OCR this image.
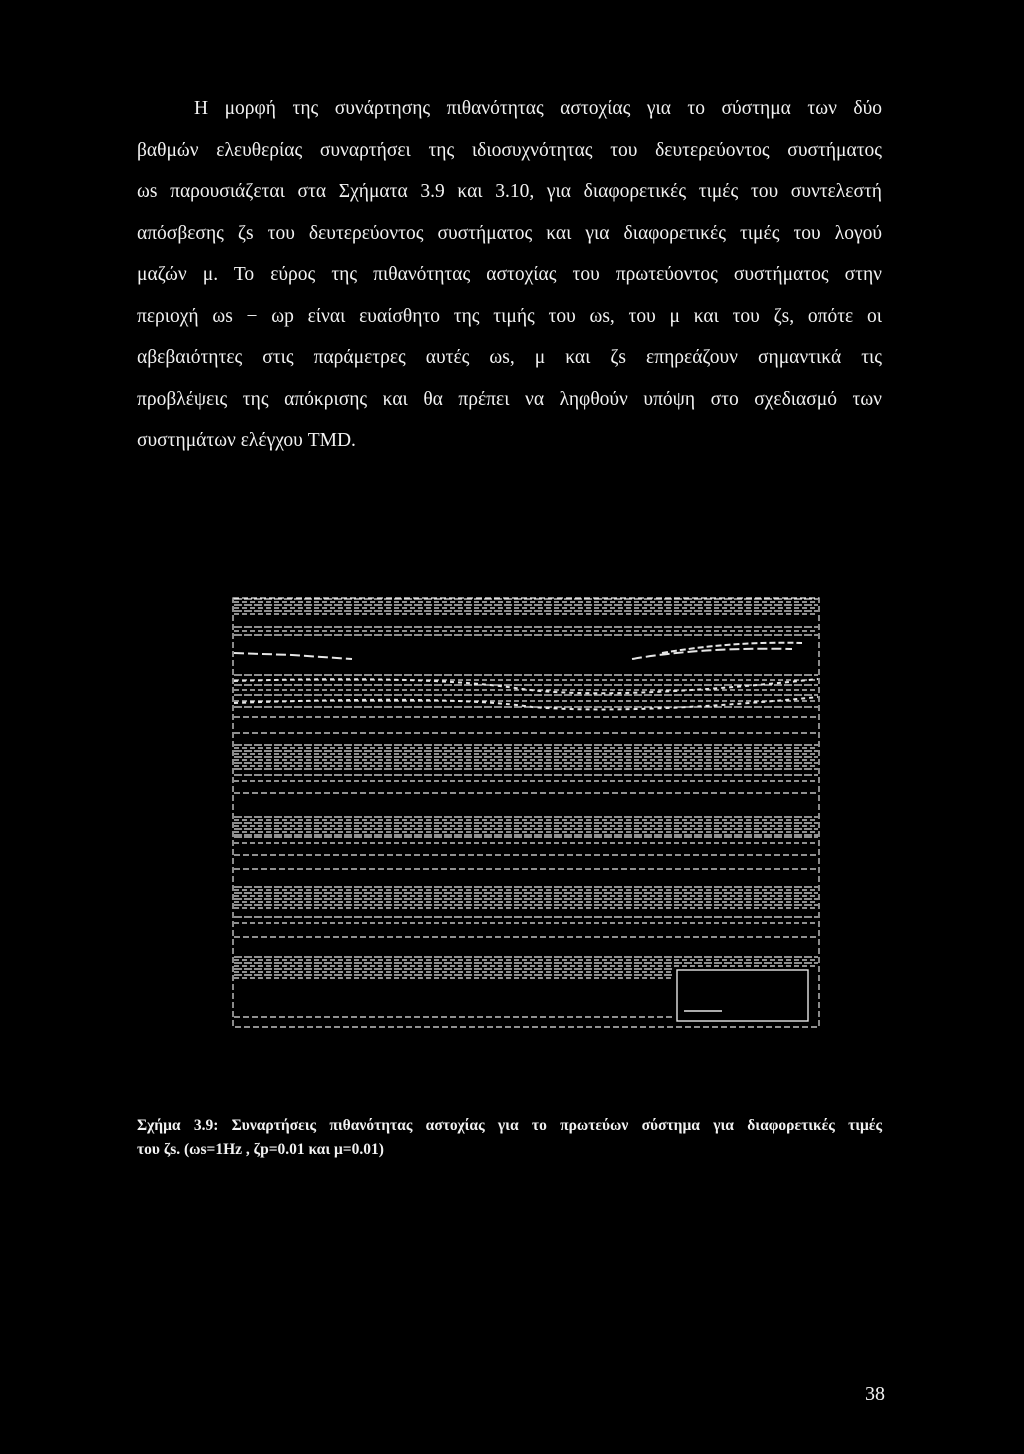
Η μορφή της συνάρτησης πιθανότητας αστοχίας για το σύστημα των δύο
βαθμών ελευθερίας συναρτήσει της ιδιοσυχνότητας του δευτερεύοντος συστήματος
ωs παρουσιάζεται στα Σχήματα 3.9 και 3.10, για διαφορετικές τιμές του συντελεστή
απόσβεσης ζs του δευτερεύοντος συστήματος και για διαφορετικές τιμές του λογού
μαζών μ. Το εύρος της πιθανότητας αστοχίας του πρωτεύοντος συστήματος στην
περιοχή ωs − ωp είναι ευαίσθητο της τιμής του ωs, του μ και του ζs, οπότε οι
αβεβαιότητες στις παράμετρες αυτές ωs, μ και ζs επηρεάζουν σημαντικά τις
προβλέψεις της απόκρισης και θα πρέπει να ληφθούν υπόψη στο σχεδιασμό των
συστημάτων ελέγχου TMD.
Σχήμα 3.9: Συναρτήσεις πιθανότητας αστοχίας για το πρωτεύων σύστημα για διαφορετικές τιμές
του ζs. (ωs=1Hz , ζp=0.01 και μ=0.01)
38
